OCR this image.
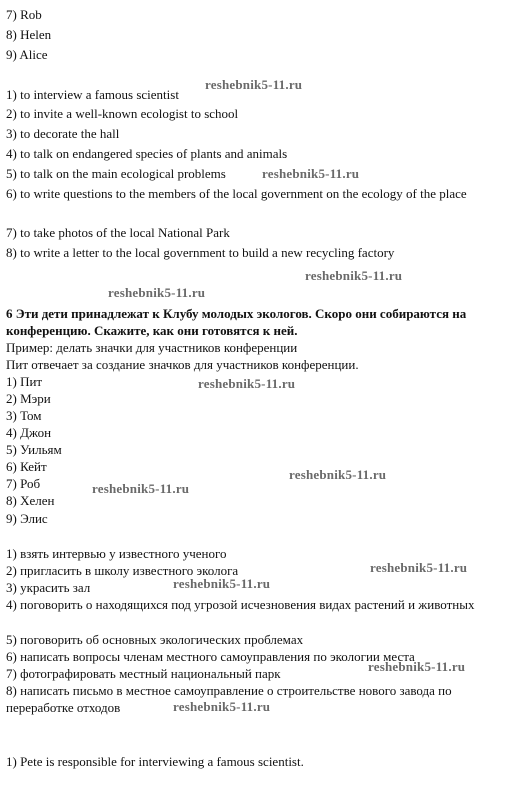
7) Rob
8) Helen
9) Alice
1) to interview a famous scientist
2) to invite a well-known ecologist to school
3) to decorate the hall
4) to talk on endangered species of plants and animals
5) to talk on the main ecological problems
6) to write questions to the members of the local government on the ecology of the place
7) to take photos of the local National Park
8) to write a letter to the local government to build a new recycling factory
6 Эти дети принадлежат к Клубу молодых экологов. Скоро они собираются на конференцию. Скажите, как они готовятся к ней.
Пример: делать значки для участников конференции
Пит отвечает за создание значков для участников конференции.
1) Пит
2) Мэри
3) Том
4) Джон
5) Уильям
6) Кейт
7) Роб
8) Хелен
9) Элис
1) взять интервью у известного ученого
2) пригласить в школу известного эколога
3) украсить зал
4) поговорить о находящихся под угрозой исчезновения видах растений и животных
5) поговорить об основных экологических проблемах
6) написать вопросы членам местного самоуправления по экологии места
7) фотографировать местный национальный парк
8) написать письмо в местное самоуправление о строительстве нового завода по переработке отходов
1) Pete is responsible for interviewing a famous scientist.
reshebnik5-11.ru
reshebnik5-11.ru
reshebnik5-11.ru
reshebnik5-11.ru
reshebnik5-11.ru
reshebnik5-11.ru
reshebnik5-11.ru
reshebnik5-11.ru
reshebnik5-11.ru
reshebnik5-11.ru
reshebnik5-11.ru
